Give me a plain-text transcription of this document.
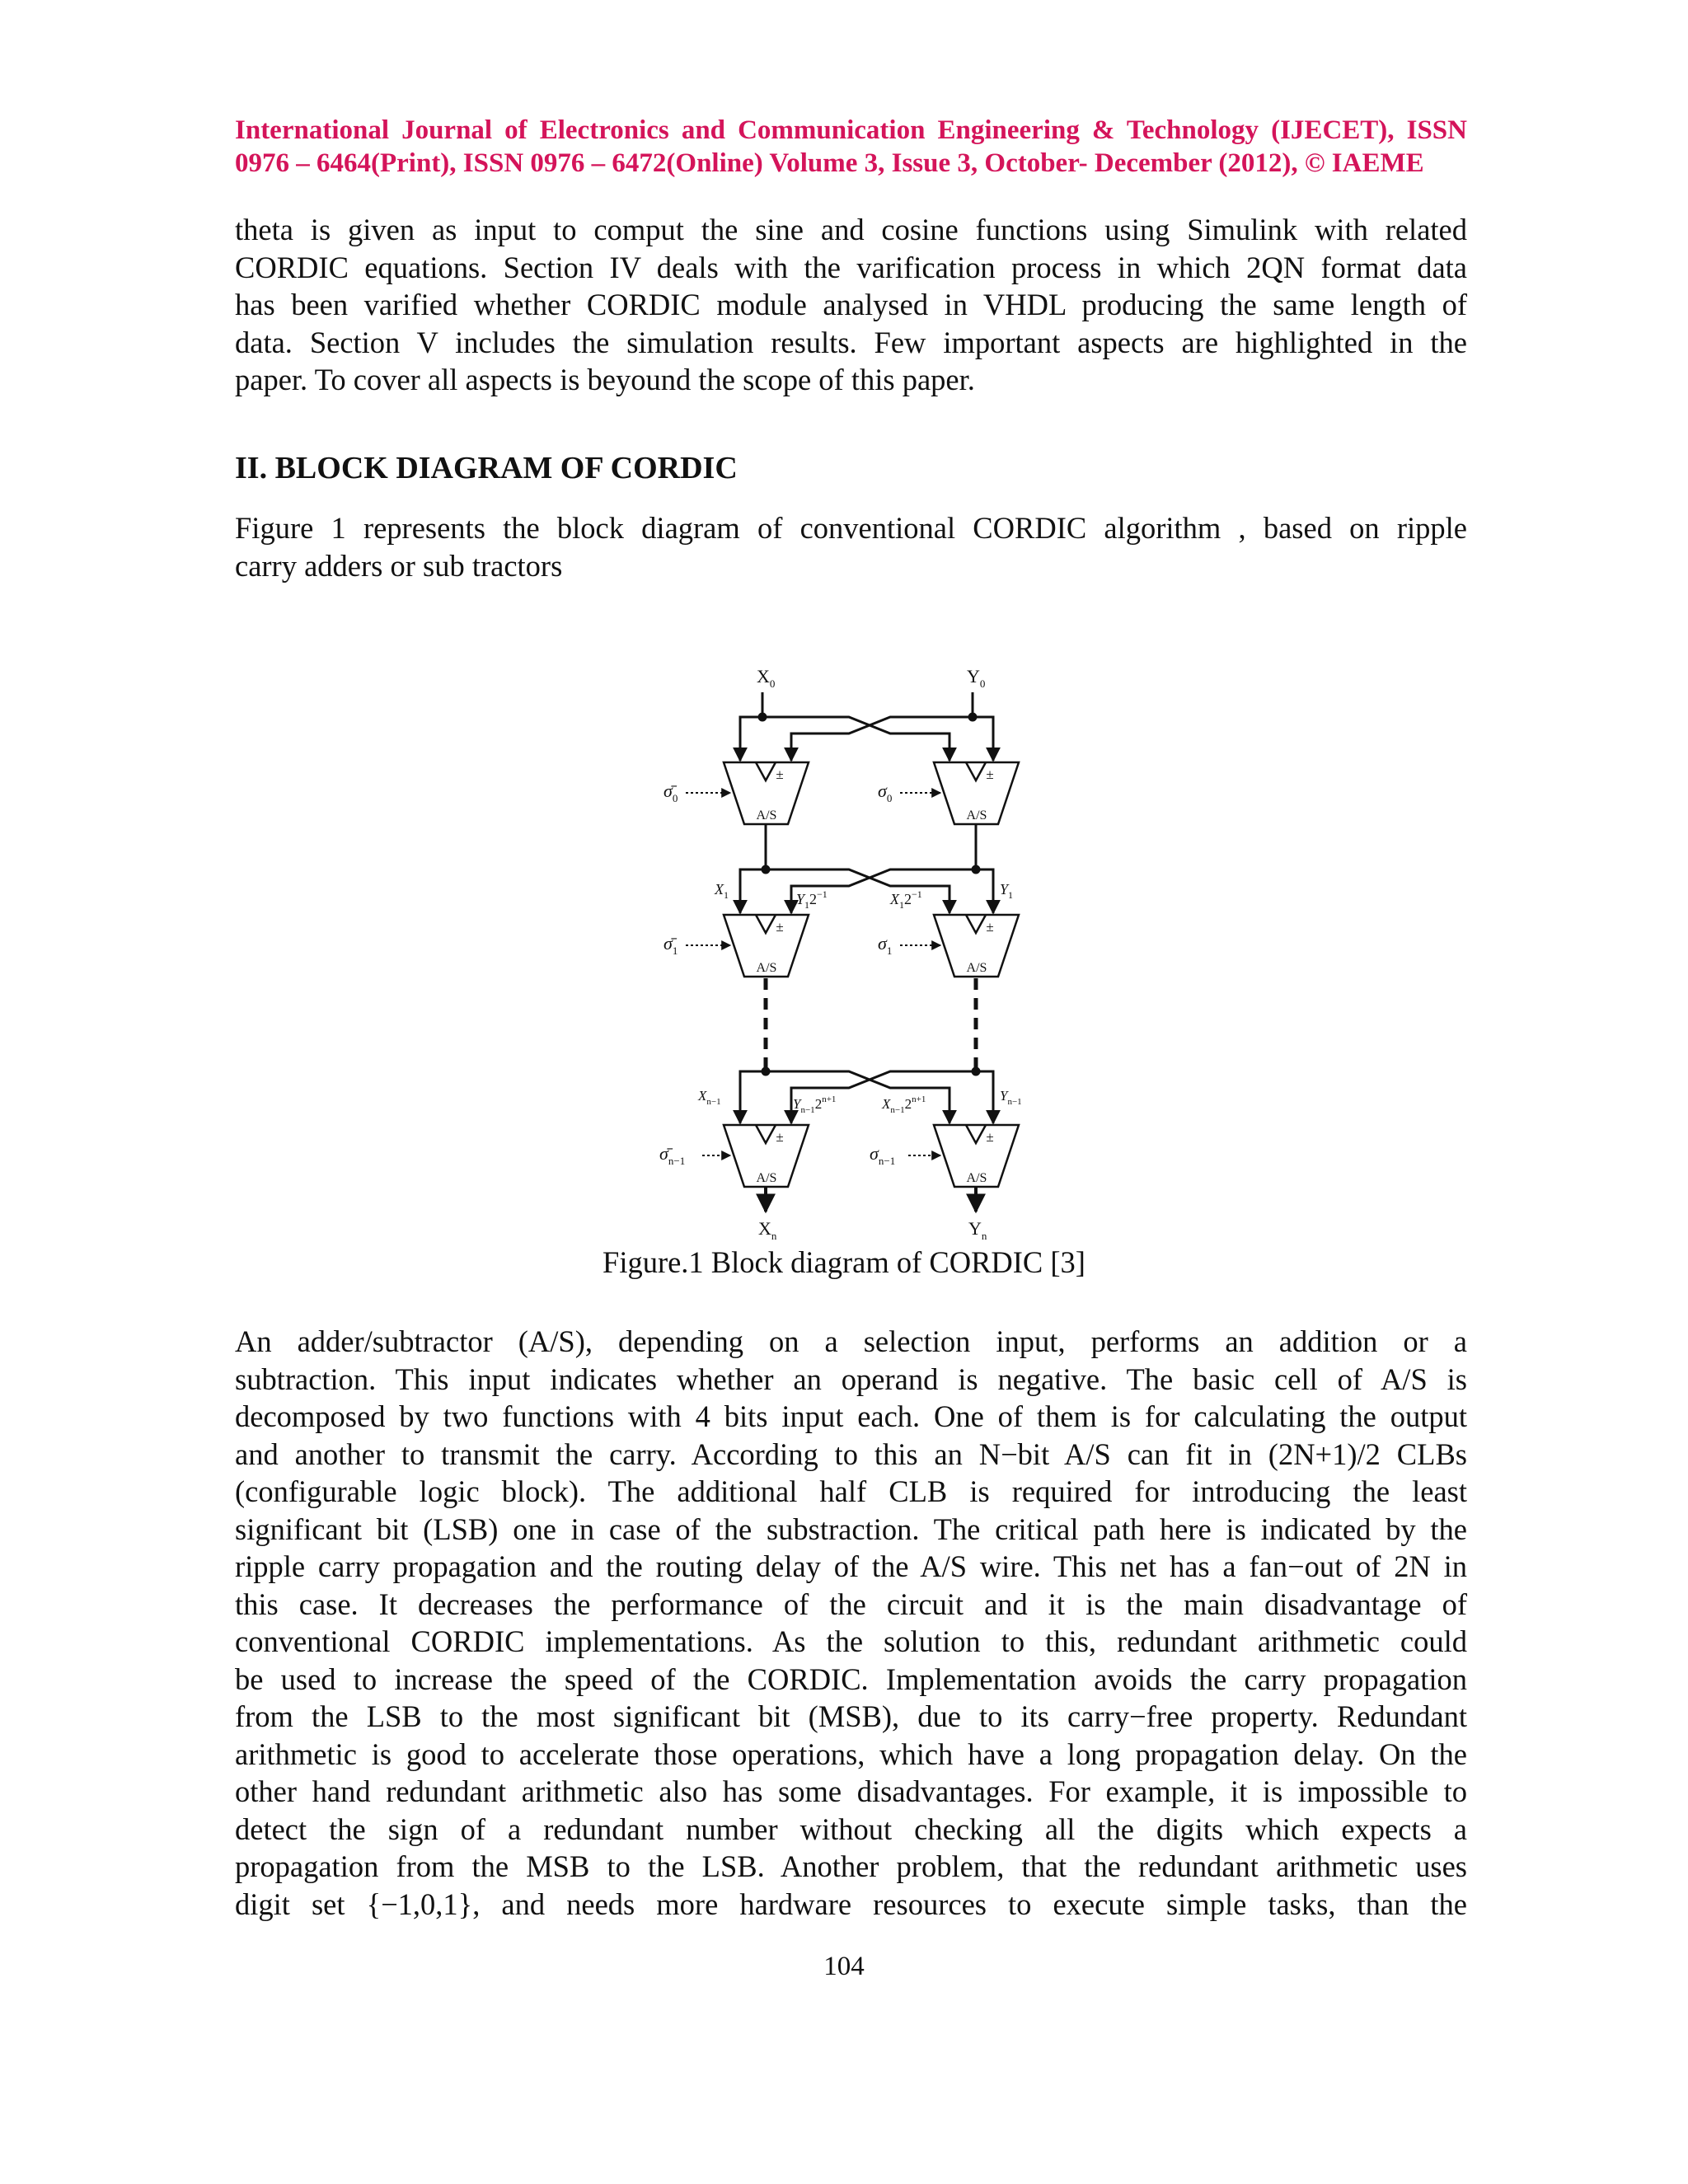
International Journal of Electronics and Communication Engineering & Technology (IJECET), ISSN
0976 – 6464(Print), ISSN 0976 – 6472(Online) Volume 3, Issue 3, October- December (2012), © IAEME
theta is given as input to comput the sine and cosine functions using Simulink with related
CORDIC equations. Section IV deals with the varification process in which 2QN format data
has been varified whether CORDIC module analysed in VHDL producing the same length of
data. Section V includes the simulation results. Few important aspects are highlighted in the
paper. To cover all aspects is beyound the scope of this paper.
II. BLOCK DIAGRAM OF CORDIC
Figure 1 represents the block diagram of conventional CORDIC algorithm , based on ripple
carry adders or sub tractors
$X_0$	$Y_0$
±	±
A/S	A/S
±	±
A/S	A/S
±	±
A/S	A/S
$\sigmā_0$	$\sigma_0$
$\sigmā_1$	$\sigma_1$
$\sigmā_{n-1}$	$\sigma_{n-1}$
$X_1$	$Y_12^{-1}$	$X_12^{-1}$	$Y_1$
$X_{n-1}$	$Y_{n-1}2^{n+1}$	$X_{n-1}2^{n+1}$	$Y_{n-1}$
$X_n$	$Y_n$
Figure.1 Block diagram of CORDIC [3]
An adder/subtractor (A/S), depending on a selection input, performs an addition or a
subtraction. This input indicates whether an operand is negative. The basic cell of A/S is
decomposed by two functions with 4 bits input each. One of them is for calculating the output
and another to transmit the carry. According to this an N−bit A/S can fit in (2N+1)/2 CLBs
(configurable logic block). The additional half CLB is required for introducing the least
significant bit (LSB) one in case of the substraction. The critical path here is indicated by the
ripple carry propagation and the routing delay of the A/S wire. This net has a fan−out of 2N in
this case. It decreases the performance of the circuit and it is the main disadvantage of
conventional CORDIC implementations. As the solution to this, redundant arithmetic could
be used to increase the speed of the CORDIC. Implementation avoids the carry propagation
from the LSB to the most significant bit (MSB), due to its carry−free property. Redundant
arithmetic is good to accelerate those operations, which have a long propagation delay. On the
other hand redundant arithmetic also has some disadvantages. For example, it is impossible to
detect the sign of a redundant number without checking all the digits which expects a
propagation from the MSB to the LSB. Another problem, that the redundant arithmetic uses
digit set {−1,0,1}, and needs more hardware resources to execute simple tasks, than the
104
